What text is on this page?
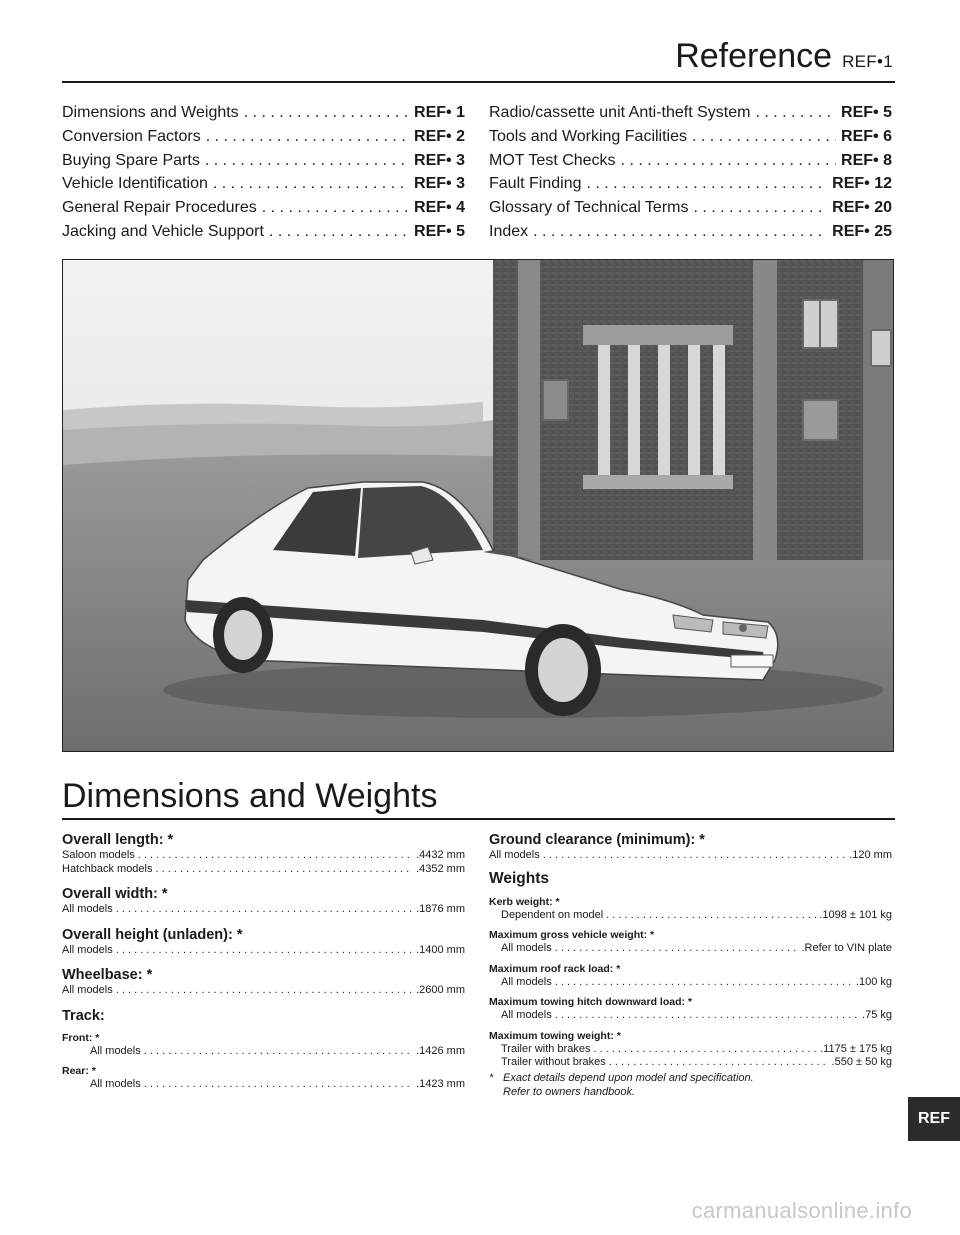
Reference REF•1
Dimensions and Weights . . .	REF• 1
Conversion Factors . . .	REF• 2
Buying Spare Parts . . .	REF• 3
Vehicle Identification . . .	REF• 3
General Repair Procedures . . .	REF• 4
Jacking and Vehicle Support . . .	REF• 5
Radio/cassette unit Anti-theft System . . .	REF• 5
Tools and Working Facilities . . .	REF• 6
MOT Test Checks . . .	REF• 8
Fault Finding . . .	REF• 12
Glossary of Technical Terms . . .	REF• 20
Index . . .	REF• 25
Dimensions and Weights
Overall length: *
Saloon models . . .	.4432 mm
Hatchback models . . .	.4352 mm
Overall width: *
All models . . .	.1876 mm
Overall height (unladen): *
All models . . .	.1400 mm
Wheelbase: *
All models . . .	.2600 mm
Track:
Front: *
All models . . .	.1426 mm
Rear: *
All models . . .	.1423 mm
Ground clearance (minimum): *
All models . . .	.120 mm
Weights
Kerb weight: *
Dependent on model . . .	.1098 ± 101 kg
Maximum gross vehicle weight: *
All models . . .	.Refer to VIN plate
Maximum roof rack load: *
All models . . .	.100 kg
Maximum towing hitch downward load: *
All models . . .	.75 kg
Maximum towing weight: *
Trailer with brakes . . .	.1175 ± 175 kg
Trailer without brakes . . .	.550 ± 50 kg
* Exact details depend upon model and specification.
Refer to owners handbook.
REF
carmanualsonline.info
